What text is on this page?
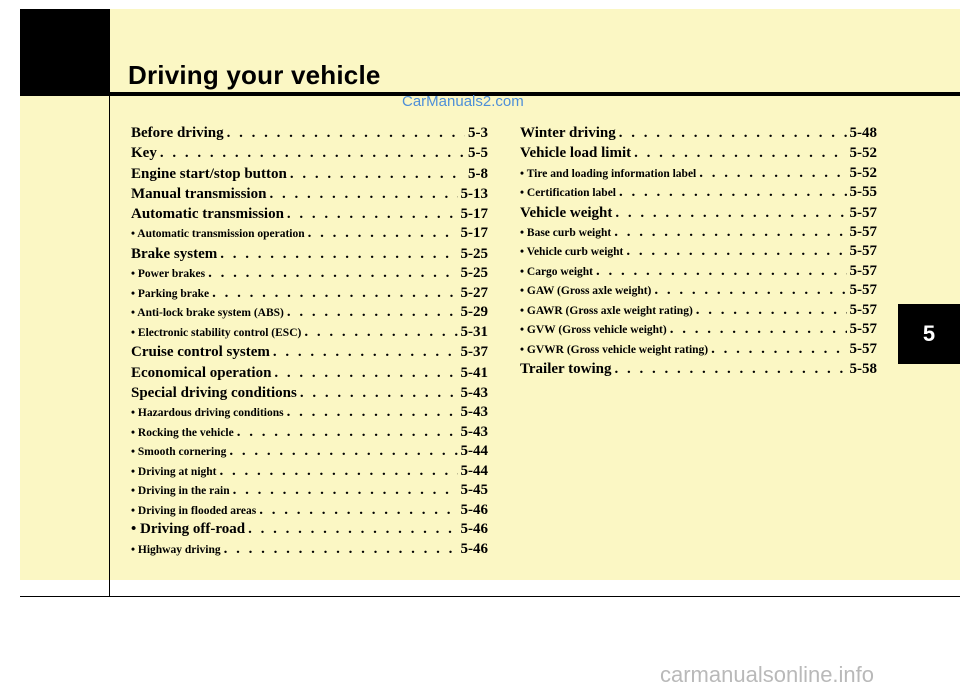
Driving your vehicle
CarManuals2.com
Before driving . . .	5-3
Key . . .	5-5
Engine start/stop button . . .	5-8
Manual transmission . . .	5-13
Automatic transmission . . .	5-17
• Automatic transmission operation . . .	5-17
Brake system . . .	5-25
• Power brakes . . .	5-25
• Parking brake . . .	5-27
• Anti-lock brake system (ABS) . . .	5-29
• Electronic stability control (ESC) . . .	5-31
Cruise control system . . .	5-37
Economical operation . . .	5-41
Special driving conditions . . .	5-43
• Hazardous driving conditions . . .	5-43
• Rocking the vehicle . . .	5-43
• Smooth cornering . . .	5-44
• Driving at night . . .	5-44
• Driving in the rain . . .	5-45
• Driving in flooded areas . . .	5-46
• Driving off-road . . .	5-46
• Highway driving . . .	5-46
Winter driving . . .	5-48
Vehicle load limit . . .	5-52
• Tire and loading information label . . .	5-52
• Certification label . . .	5-55
Vehicle weight . . .	5-57
• Base curb weight . . .	5-57
• Vehicle curb weight . . .	5-57
• Cargo weight . . .	5-57
• GAW (Gross axle weight) . . .	5-57
• GAWR (Gross axle weight rating) . . .	5-57
• GVW (Gross vehicle weight) . . .	5-57
• GVWR (Gross vehicle weight rating) . . .	5-57
Trailer towing . . .	5-58
5
carmanualsonline.info
